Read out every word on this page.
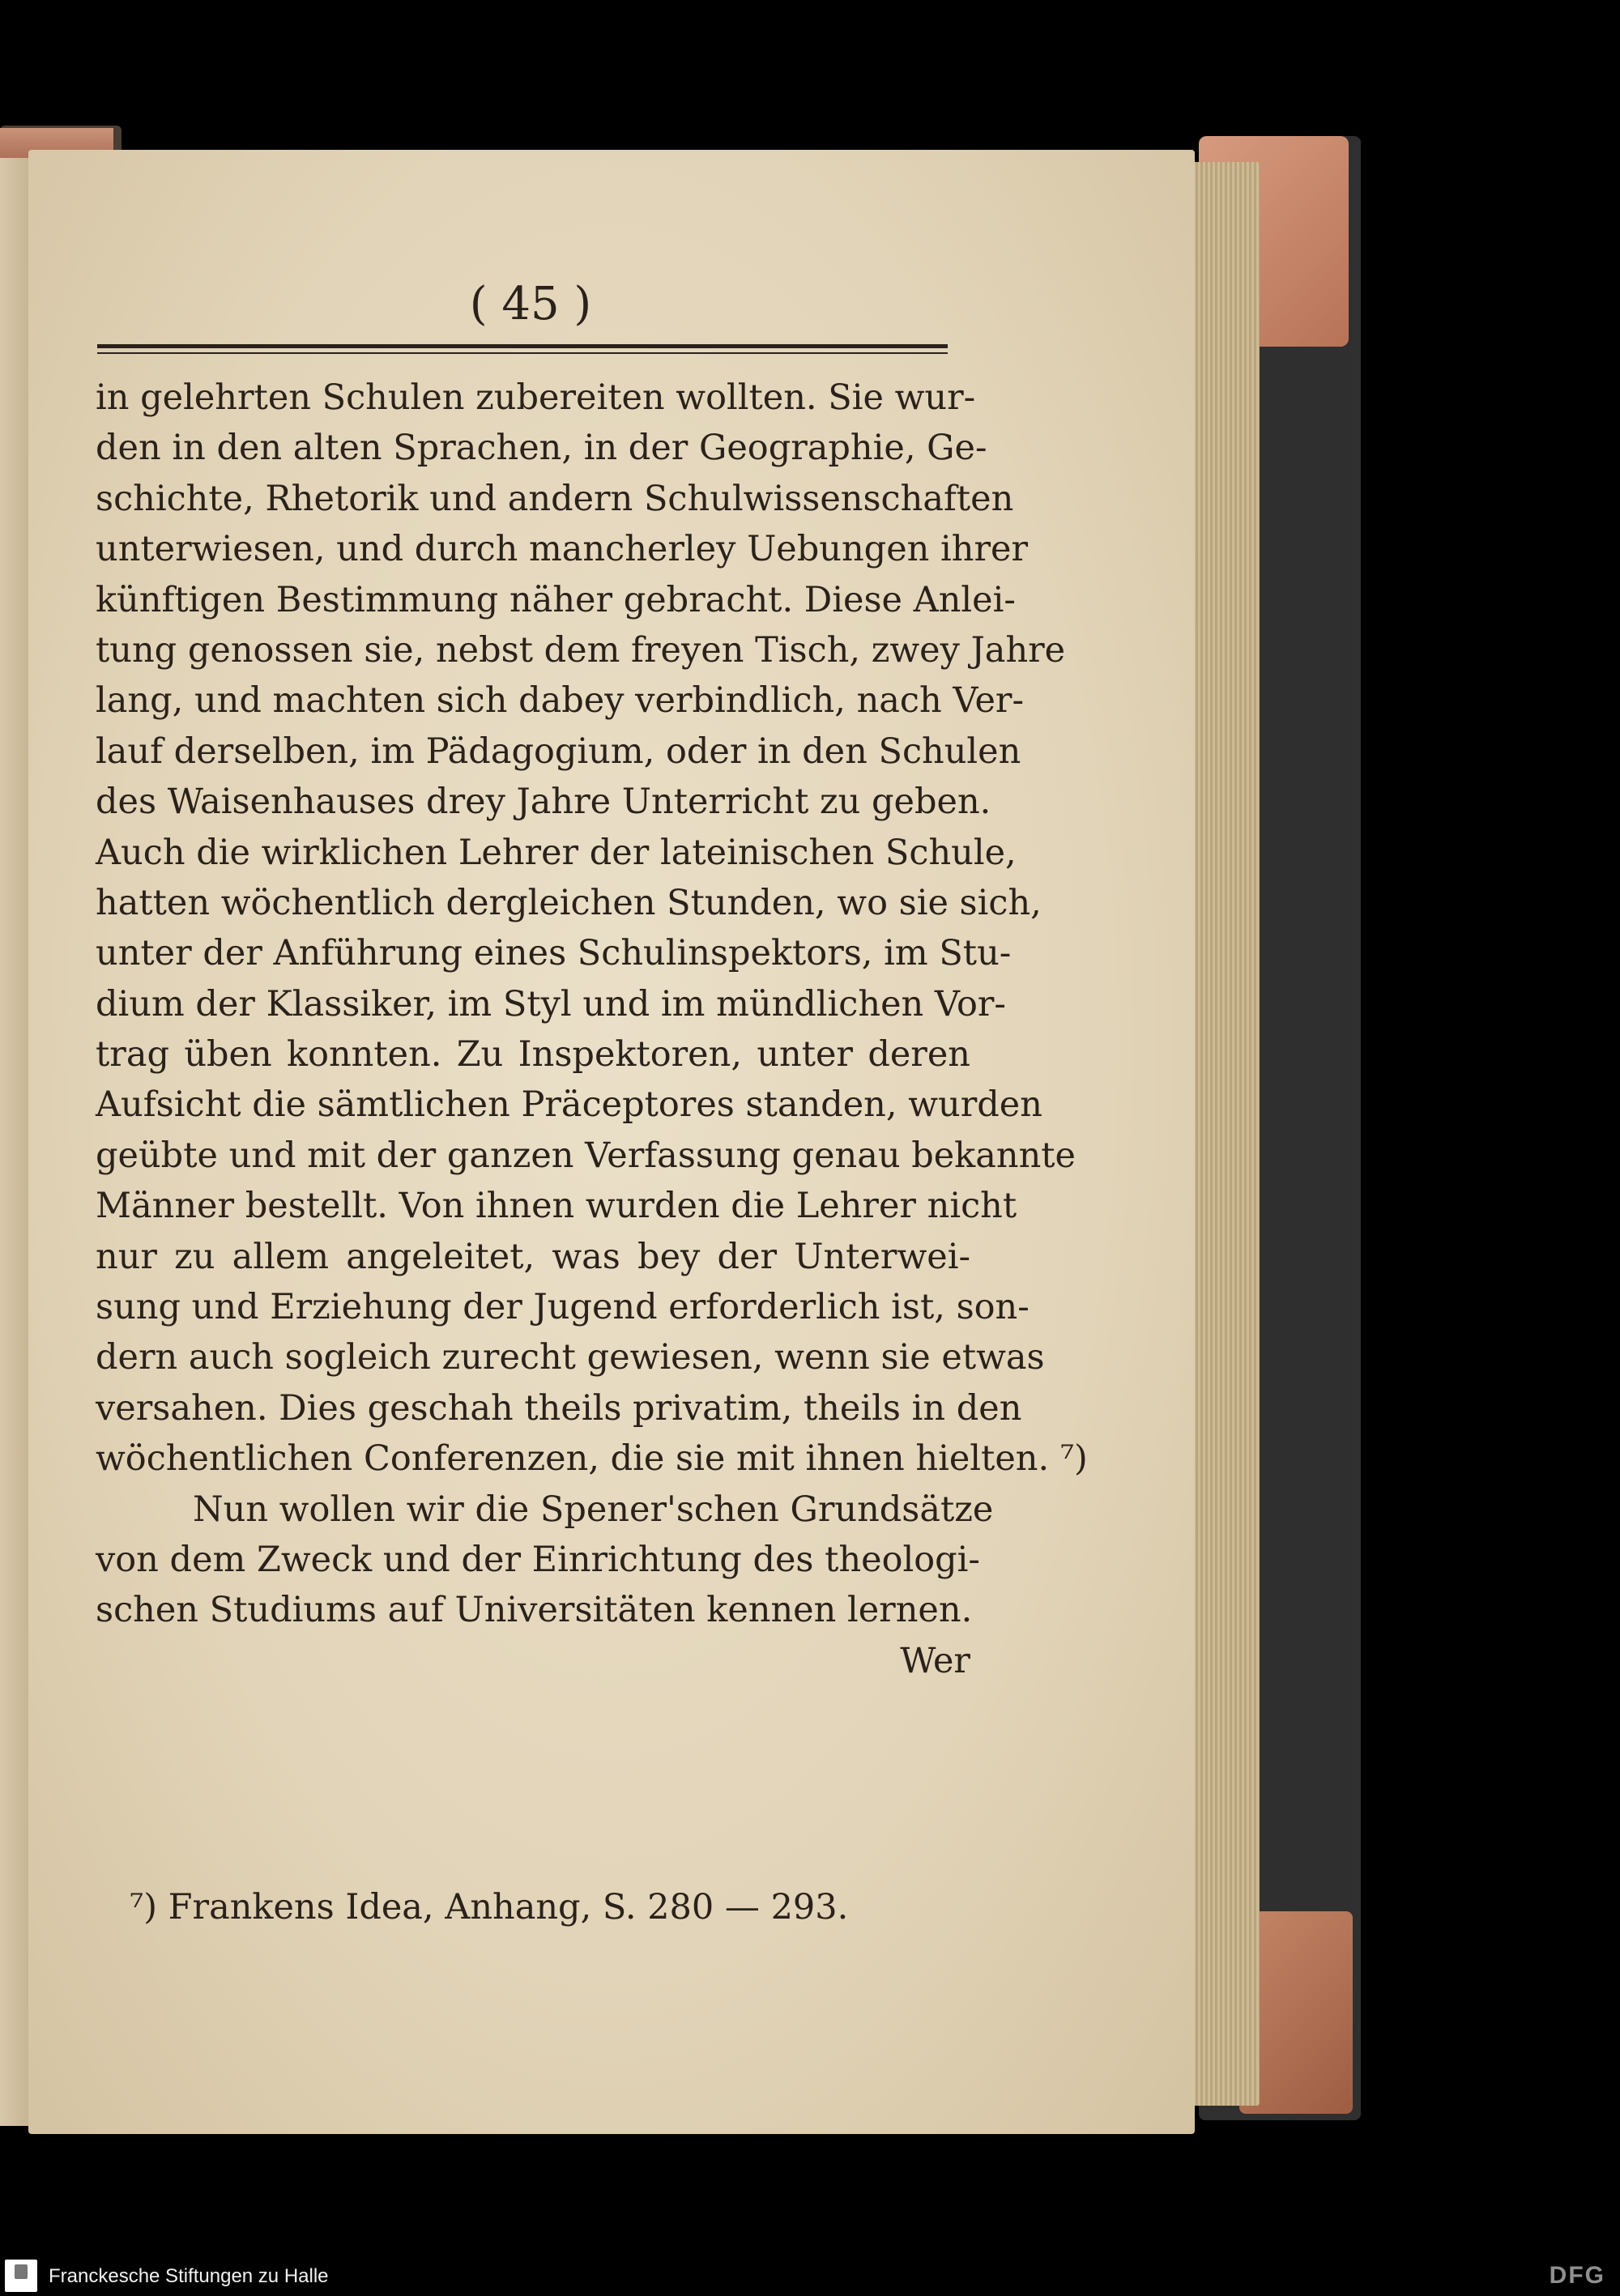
( 45 )
in gelehrten Schulen zubereiten wollten. Sie wur-
den in den alten Sprachen, in der Geographie, Ge-
schichte, Rhetorik und andern Schulwissenschaften
unterwiesen, und durch mancherley Uebungen ihrer
künftigen Bestimmung näher gebracht. Diese Anlei-
tung genossen sie, nebst dem freyen Tisch, zwey Jahre
lang, und machten sich dabey verbindlich, nach Ver-
lauf derselben, im Pädagogium, oder in den Schulen
des Waisenhauses drey Jahre Unterricht zu geben.
Auch die wirklichen Lehrer der lateinischen Schule,
hatten wöchentlich dergleichen Stunden, wo sie sich,
unter der Anführung eines Schulinspektors, im Stu-
dium der Klassiker, im Styl und im mündlichen Vor-
trag üben konnten. Zu Inspektoren, unter deren
Aufsicht die sämtlichen Präceptores standen, wurden
geübte und mit der ganzen Verfassung genau bekannte
Männer bestellt. Von ihnen wurden die Lehrer nicht
nur zu allem angeleitet, was bey der Unterwei-
sung und Erziehung der Jugend erforderlich ist, son-
dern auch sogleich zurecht gewiesen, wenn sie etwas
versahen. Dies geschah theils privatim, theils in den
wöchentlichen Conferenzen, die sie mit ihnen hielten. ⁷)
Nun wollen wir die Spener'schen Grundsätze
von dem Zweck und der Einrichtung des theologi-
schen Studiums auf Universitäten kennen lernen.
Wer
⁷) Frankens Idea, Anhang, S. 280 — 293.
Franckesche Stiftungen zu Halle	DFG
